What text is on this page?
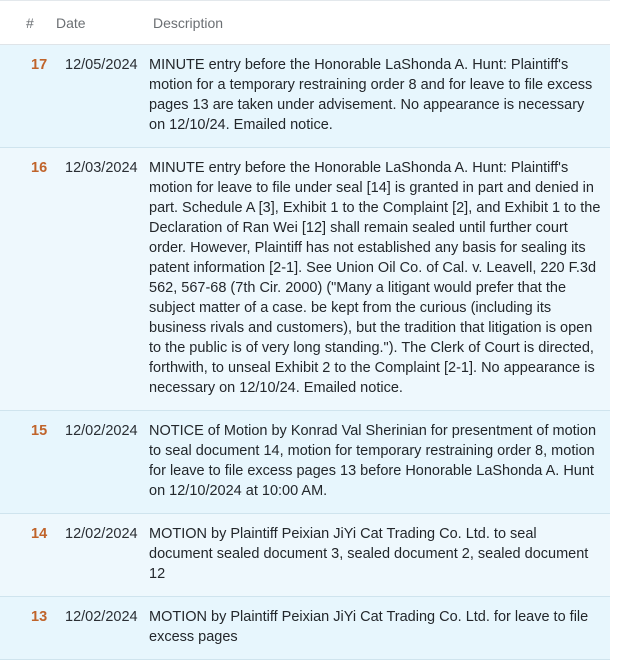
#	Date	Description
17	12/05/2024 MINUTE entry before the Honorable LaShonda A. Hunt: Plaintiff's motion for a temporary restraining order 8 and for leave to file excess pages 13 are taken under advisement. No appearance is necessary on 12/10/24. Emailed notice.
16	12/03/2024 MINUTE entry before the Honorable LaShonda A. Hunt: Plaintiff's motion for leave to file under seal [14] is granted in part and denied in part. Schedule A [3], Exhibit 1 to the Complaint [2], and Exhibit 1 to the Declaration of Ran Wei [12] shall remain sealed until further court order. However, Plaintiff has not established any basis for sealing its patent information [2-1]. See Union Oil Co. of Cal. v. Leavell, 220 F.3d 562, 567-68 (7th Cir. 2000) ("Many a litigant would prefer that the subject matter of a case. be kept from the curious (including its business rivals and customers), but the tradition that litigation is open to the public is of very long standing."). The Clerk of Court is directed, forthwith, to unseal Exhibit 2 to the Complaint [2-1]. No appearance is necessary on 12/10/24. Emailed notice.
15	12/02/2024 NOTICE of Motion by Konrad Val Sherinian for presentment of motion to seal document 14, motion for temporary restraining order 8, motion for leave to file excess pages 13 before Honorable LaShonda A. Hunt on 12/10/2024 at 10:00 AM.
14	12/02/2024 MOTION by Plaintiff Peixian JiYi Cat Trading Co. Ltd. to seal document sealed document 3, sealed document 2, sealed document 12
13	12/02/2024 MOTION by Plaintiff Peixian JiYi Cat Trading Co. Ltd. for leave to file excess pages
